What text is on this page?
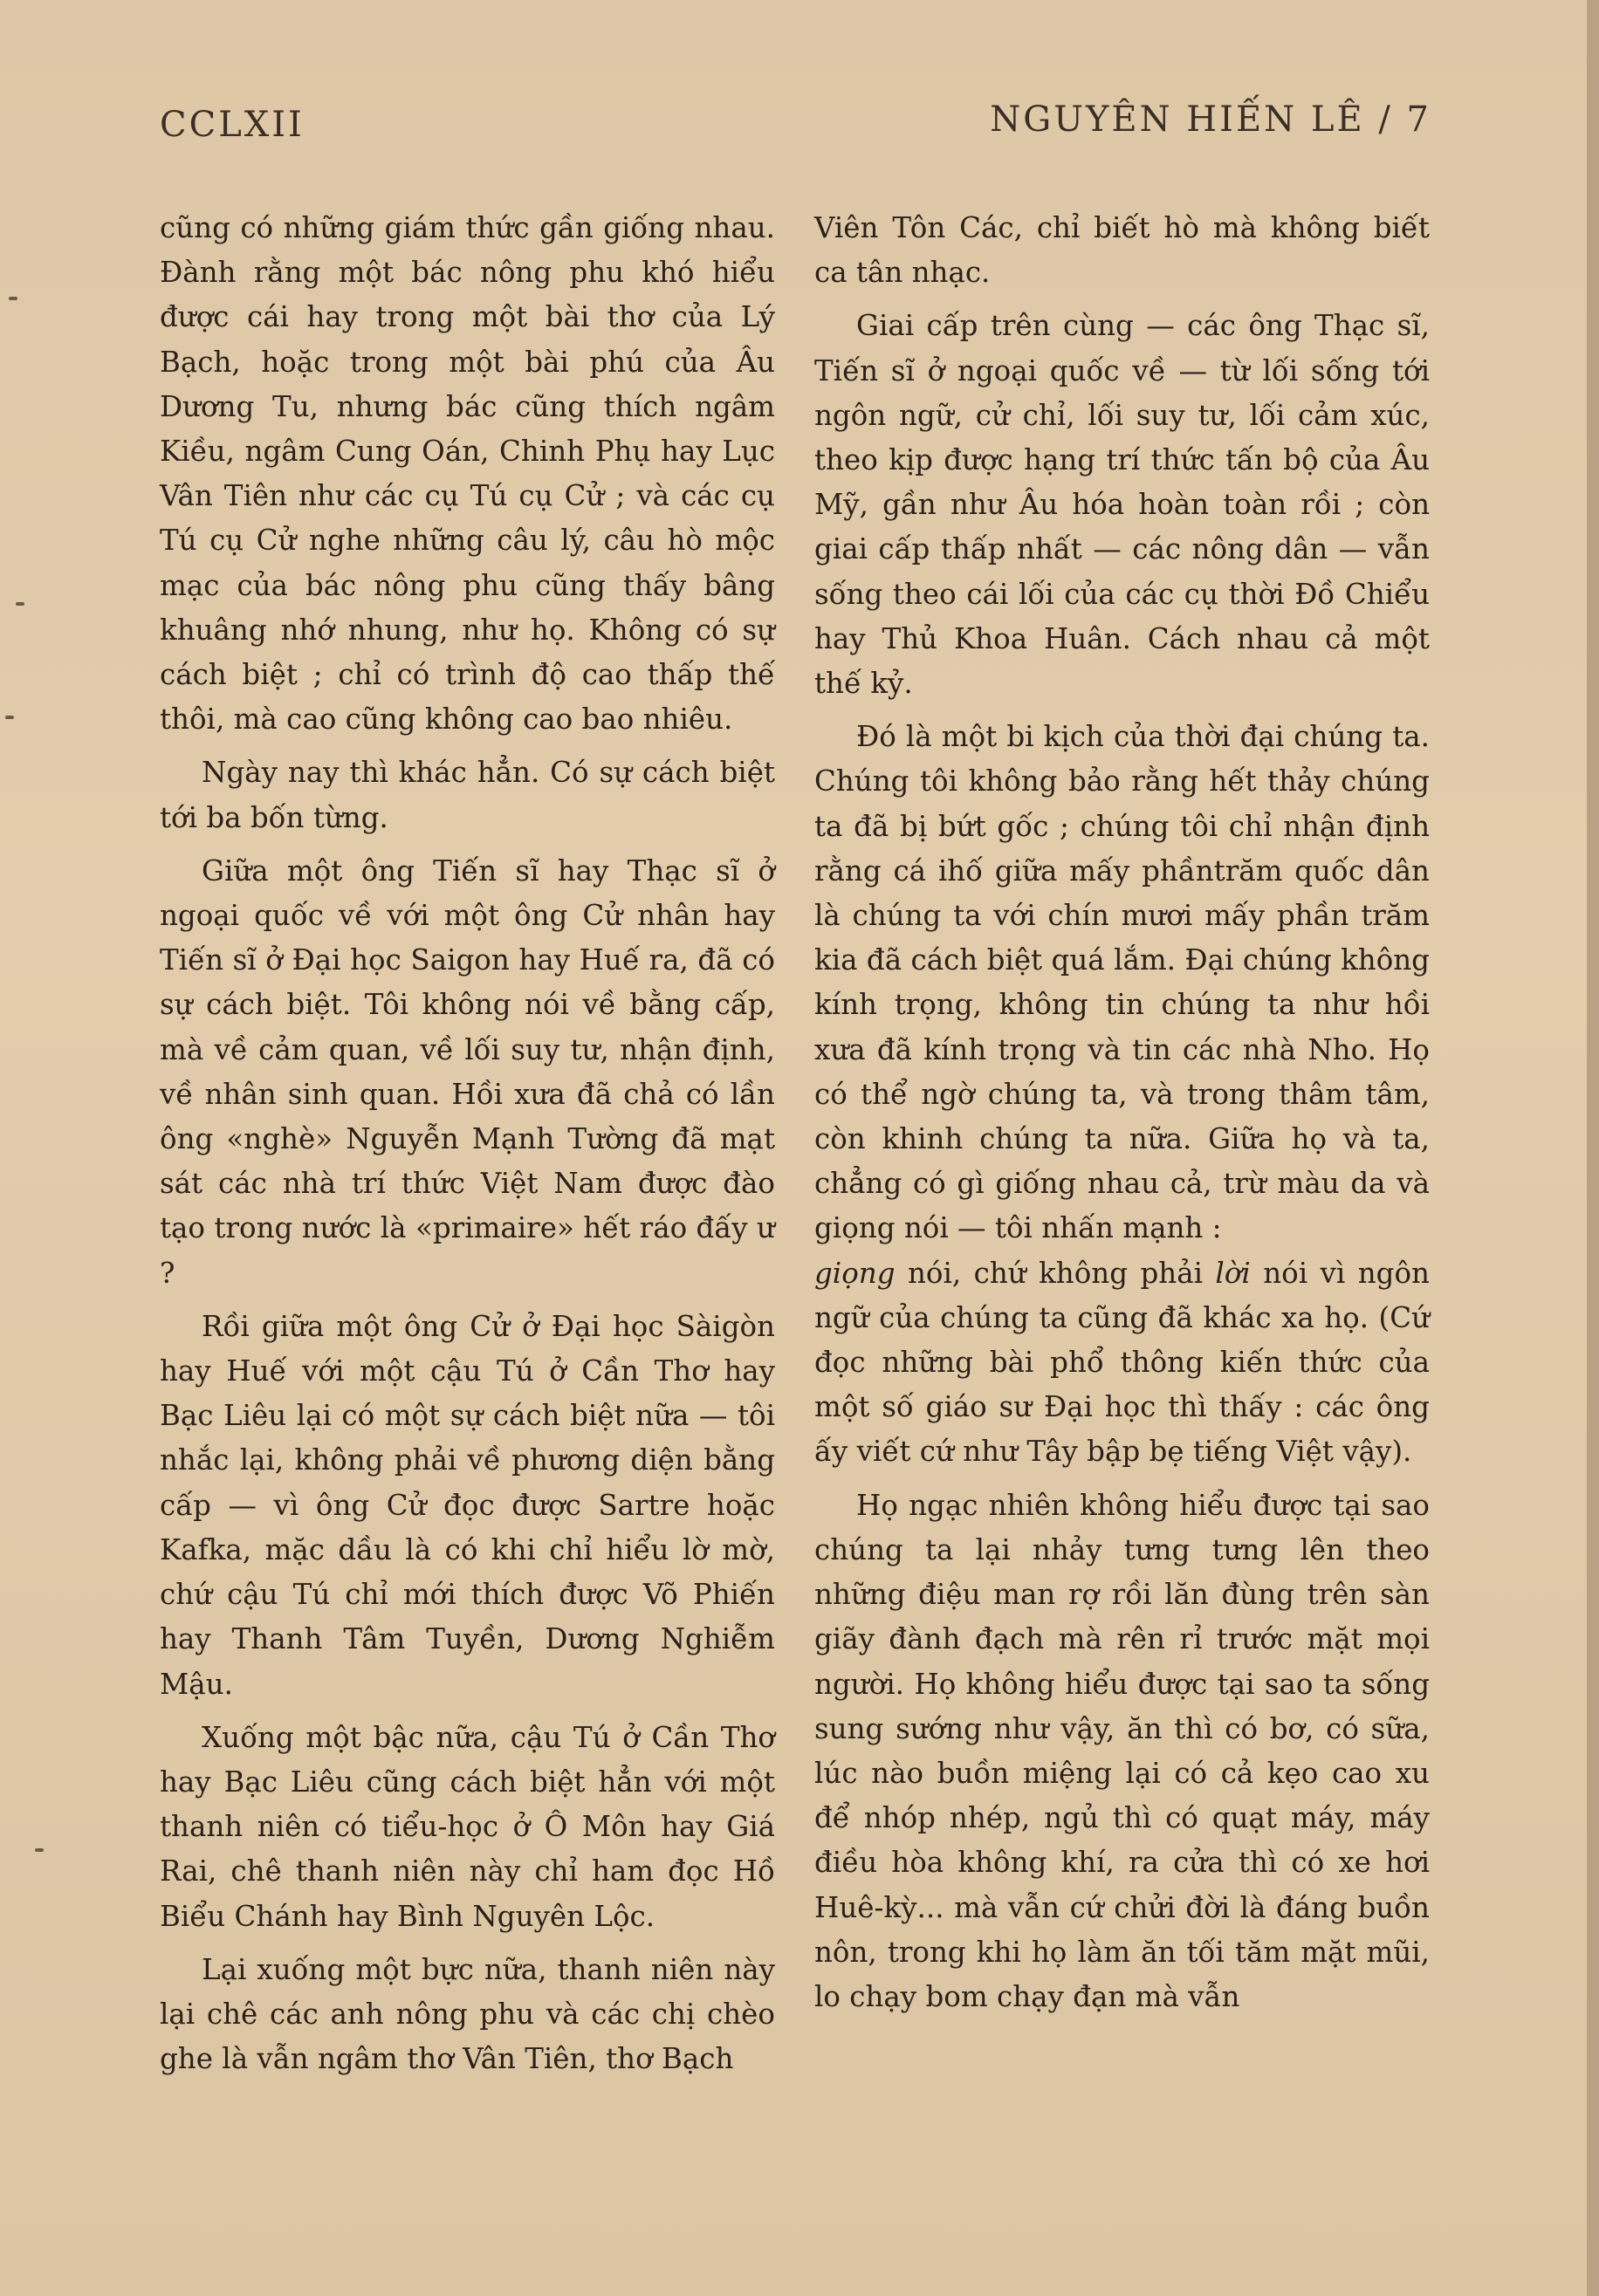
CCLXII	NGUYÊN HIẾN LÊ / 7

cũng có những giám thức gần giống nhau. Đành rằng một bác nông phu khó hiểu được cái hay trong một bài thơ của Lý Bạch, hoặc trong một bài phú của Âu Dương Tu, nhưng bác cũng thích ngâm Kiều, ngâm Cung Oán, Chinh Phụ hay Lục Vân Tiên như các cụ Tú cụ Cử ; và các cụ Tú cụ Cử nghe những câu lý, câu hò mộc mạc của bác nông phu cũng thấy bâng khuâng nhớ nhung, như họ. Không có sự cách biệt ; chỉ có trình độ cao thấp thế thôi, mà cao cũng không cao bao nhiêu.

Ngày nay thì khác hẳn. Có sự cách biệt tới ba bốn từng.

Giữa một ông Tiến sĩ hay Thạc sĩ ở ngoại quốc về với một ông Cử nhân hay Tiến sĩ ở Đại học Saigon hay Huế ra, đã có sự cách biệt. Tôi không nói về bằng cấp, mà về cảm quan, về lối suy tư, nhận định, về nhân sinh quan. Hồi xưa đã chả có lần ông «nghè» Nguyễn Mạnh Tường đã mạt sát các nhà trí thức Việt Nam được đào tạo trong nước là «primaire» hết ráo đấy ư ?

Rồi giữa một ông Cử ở Đại học Sàigòn hay Huế với một cậu Tú ở Cần Thơ hay Bạc Liêu lại có một sự cách biệt nữa — tôi nhắc lại, không phải về phương diện bằng cấp — vì ông Cử đọc được Sartre hoặc Kafka, mặc dầu là có khi chỉ hiểu lờ mờ, chứ cậu Tú chỉ mới thích được Võ Phiến hay Thanh Tâm Tuyền, Dương Nghiễm Mậu.

Xuống một bậc nữa, cậu Tú ở Cần Thơ hay Bạc Liêu cũng cách biệt hẳn với một thanh niên có tiểu-học ở Ô Môn hay Giá Rai, chê thanh niên này chỉ ham đọc Hồ Biểu Chánh hay Bình Nguyên Lộc.

Lại xuống một bực nữa, thanh niên này lại chê các anh nông phu và các chị chèo ghe là vẫn ngâm thơ Vân Tiên, thơ Bạch

Viên Tôn Các, chỉ biết hò mà không biết ca tân nhạc.

Giai cấp trên cùng — các ông Thạc sĩ, Tiến sĩ ở ngoại quốc về — từ lối sống tới ngôn ngữ, cử chỉ, lối suy tư, lối cảm xúc, theo kịp được hạng trí thức tấn bộ của Âu Mỹ, gần như Âu hóa hoàn toàn rồi ; còn giai cấp thấp nhất — các nông dân — vẫn sống theo cái lối của các cụ thời Đồ Chiểu hay Thủ Khoa Huân. Cách nhau cả một thế kỷ.

Đó là một bi kịch của thời đại chúng ta. Chúng tôi không bảo rằng hết thảy chúng ta đã bị bứt gốc ; chúng tôi chỉ nhận định rằng cá ihố giữa mấy phầntrăm quốc dân là chúng ta với chín mươi mấy phần trăm kia đã cách biệt quá lắm. Đại chúng không kính trọng, không tin chúng ta như hồi xưa đã kính trọng và tin các nhà Nho. Họ có thể ngờ chúng ta, và trong thâm tâm, còn khinh chúng ta nữa. Giữa họ và ta, chẳng có gì giống nhau cả, trừ màu da và giọng nói — tôi nhấn mạnh :

giọng nói, chứ không phải lời nói vì ngôn ngữ của chúng ta cũng đã khác xa họ. (Cứ đọc những bài phổ thông kiến thức của một số giáo sư Đại học thì thấy : các ông ấy viết cứ như Tây bập bẹ tiếng Việt vậy).

Họ ngạc nhiên không hiểu được tại sao chúng ta lại nhảy tưng tưng lên theo những điệu man rợ rồi lăn đùng trên sàn giãy đành đạch mà rên rỉ trước mặt mọi người. Họ không hiểu được tại sao ta sống sung sướng như vậy, ăn thì có bơ, có sữa, lúc nào buồn miệng lại có cả kẹo cao xu để nhóp nhép, ngủ thì có quạt máy, máy điều hòa không khí, ra cửa thì có xe hơi Huê-kỳ... mà vẫn cứ chửi đời là đáng buồn nôn, trong khi họ làm ăn tối tăm mặt mũi, lo chạy bom chạy đạn mà vẫn
